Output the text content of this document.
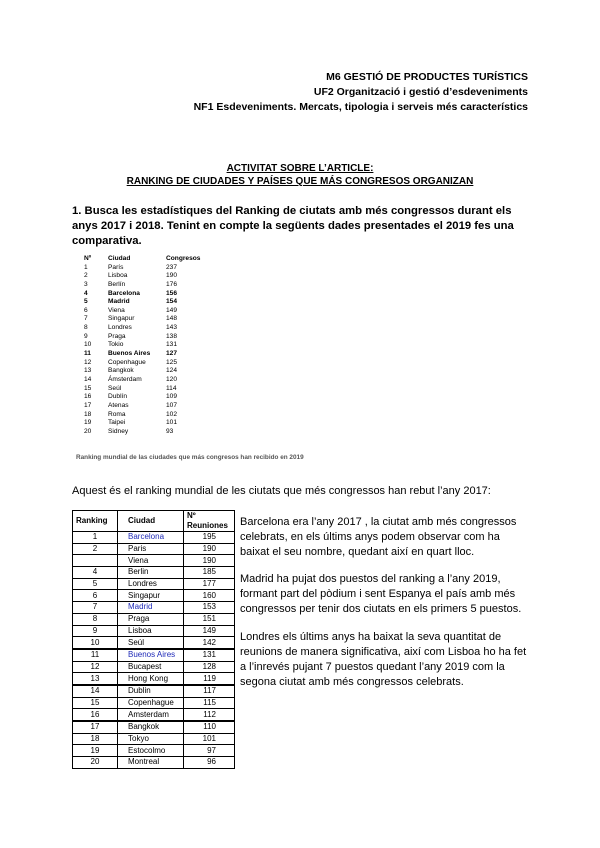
M6 GESTIÓ DE PRODUCTES TURÍSTICS
UF2 Organització i gestió d’esdeveniments
NF1 Esdeveniments. Mercats, tipologia i serveis més característics
ACTIVITAT SOBRE L’ARTICLE:
RANKING DE CIUDADES Y PAÍSES QUE MÁS CONGRESOS ORGANIZAN
1. Busca les estadístiques del Ranking de ciutats amb més congressos durant els anys 2017 i 2018. Tenint en compte la següents dades presentades el 2019 fes una comparativa.
Nº	Ciudad	Congresos
1	París	237
2	Lisboa	190
3	Berlín	176
4	Barcelona	156
5	Madrid	154
6	Viena	149
7	Singapur	148
8	Londres	143
9	Praga	138
10	Tokio	131
11	Buenos Aires	127
12	Copenhague	125
13	Bangkok	124
14	Ámsterdam	120
15	Seúl	114
16	Dublín	109
17	Atenas	107
18	Roma	102
19	Taipei	101
20	Sidney	93
Ranking mundial de las ciudades que más congresos han recibido en 2019
Aquest és el ranking mundial de les ciutats que més congressos han rebut l’any 2017:
Ranking	Ciudad	Nº Reuniones
1	Barcelona	195
2	Paris	190
	Viena	190
4	Berlin	185
5	Londres	177
6	Singapur	160
7	Madrid	153
8	Praga	151
9	Lisboa	149
10	Seúl	142
11	Buenos Aires	131
12	Bucapest	128
13	Hong Kong	119
14	Dublin	117
15	Copenhague	115
16	Amsterdam	112
17	Bangkok	110
18	Tokyo	101
19	Estocolmo	97
20	Montreal	96
Barcelona era l’any 2017 , la ciutat amb més congressos celebrats, en els últims anys podem observar com ha baixat el seu nombre, quedant així en quart lloc.
Madrid ha pujat dos puestos del ranking a l’any 2019, formant part del pòdium i sent Espanya el país amb més congressos per tenir dos ciutats en els primers 5 puestos.
Londres els últims anys ha baixat la seva quantitat de reunions de manera significativa, així com Lisboa ho ha fet a l’inrevés pujant 7 puestos quedant l’any 2019 com la segona ciutat amb més congressos celebrats.
